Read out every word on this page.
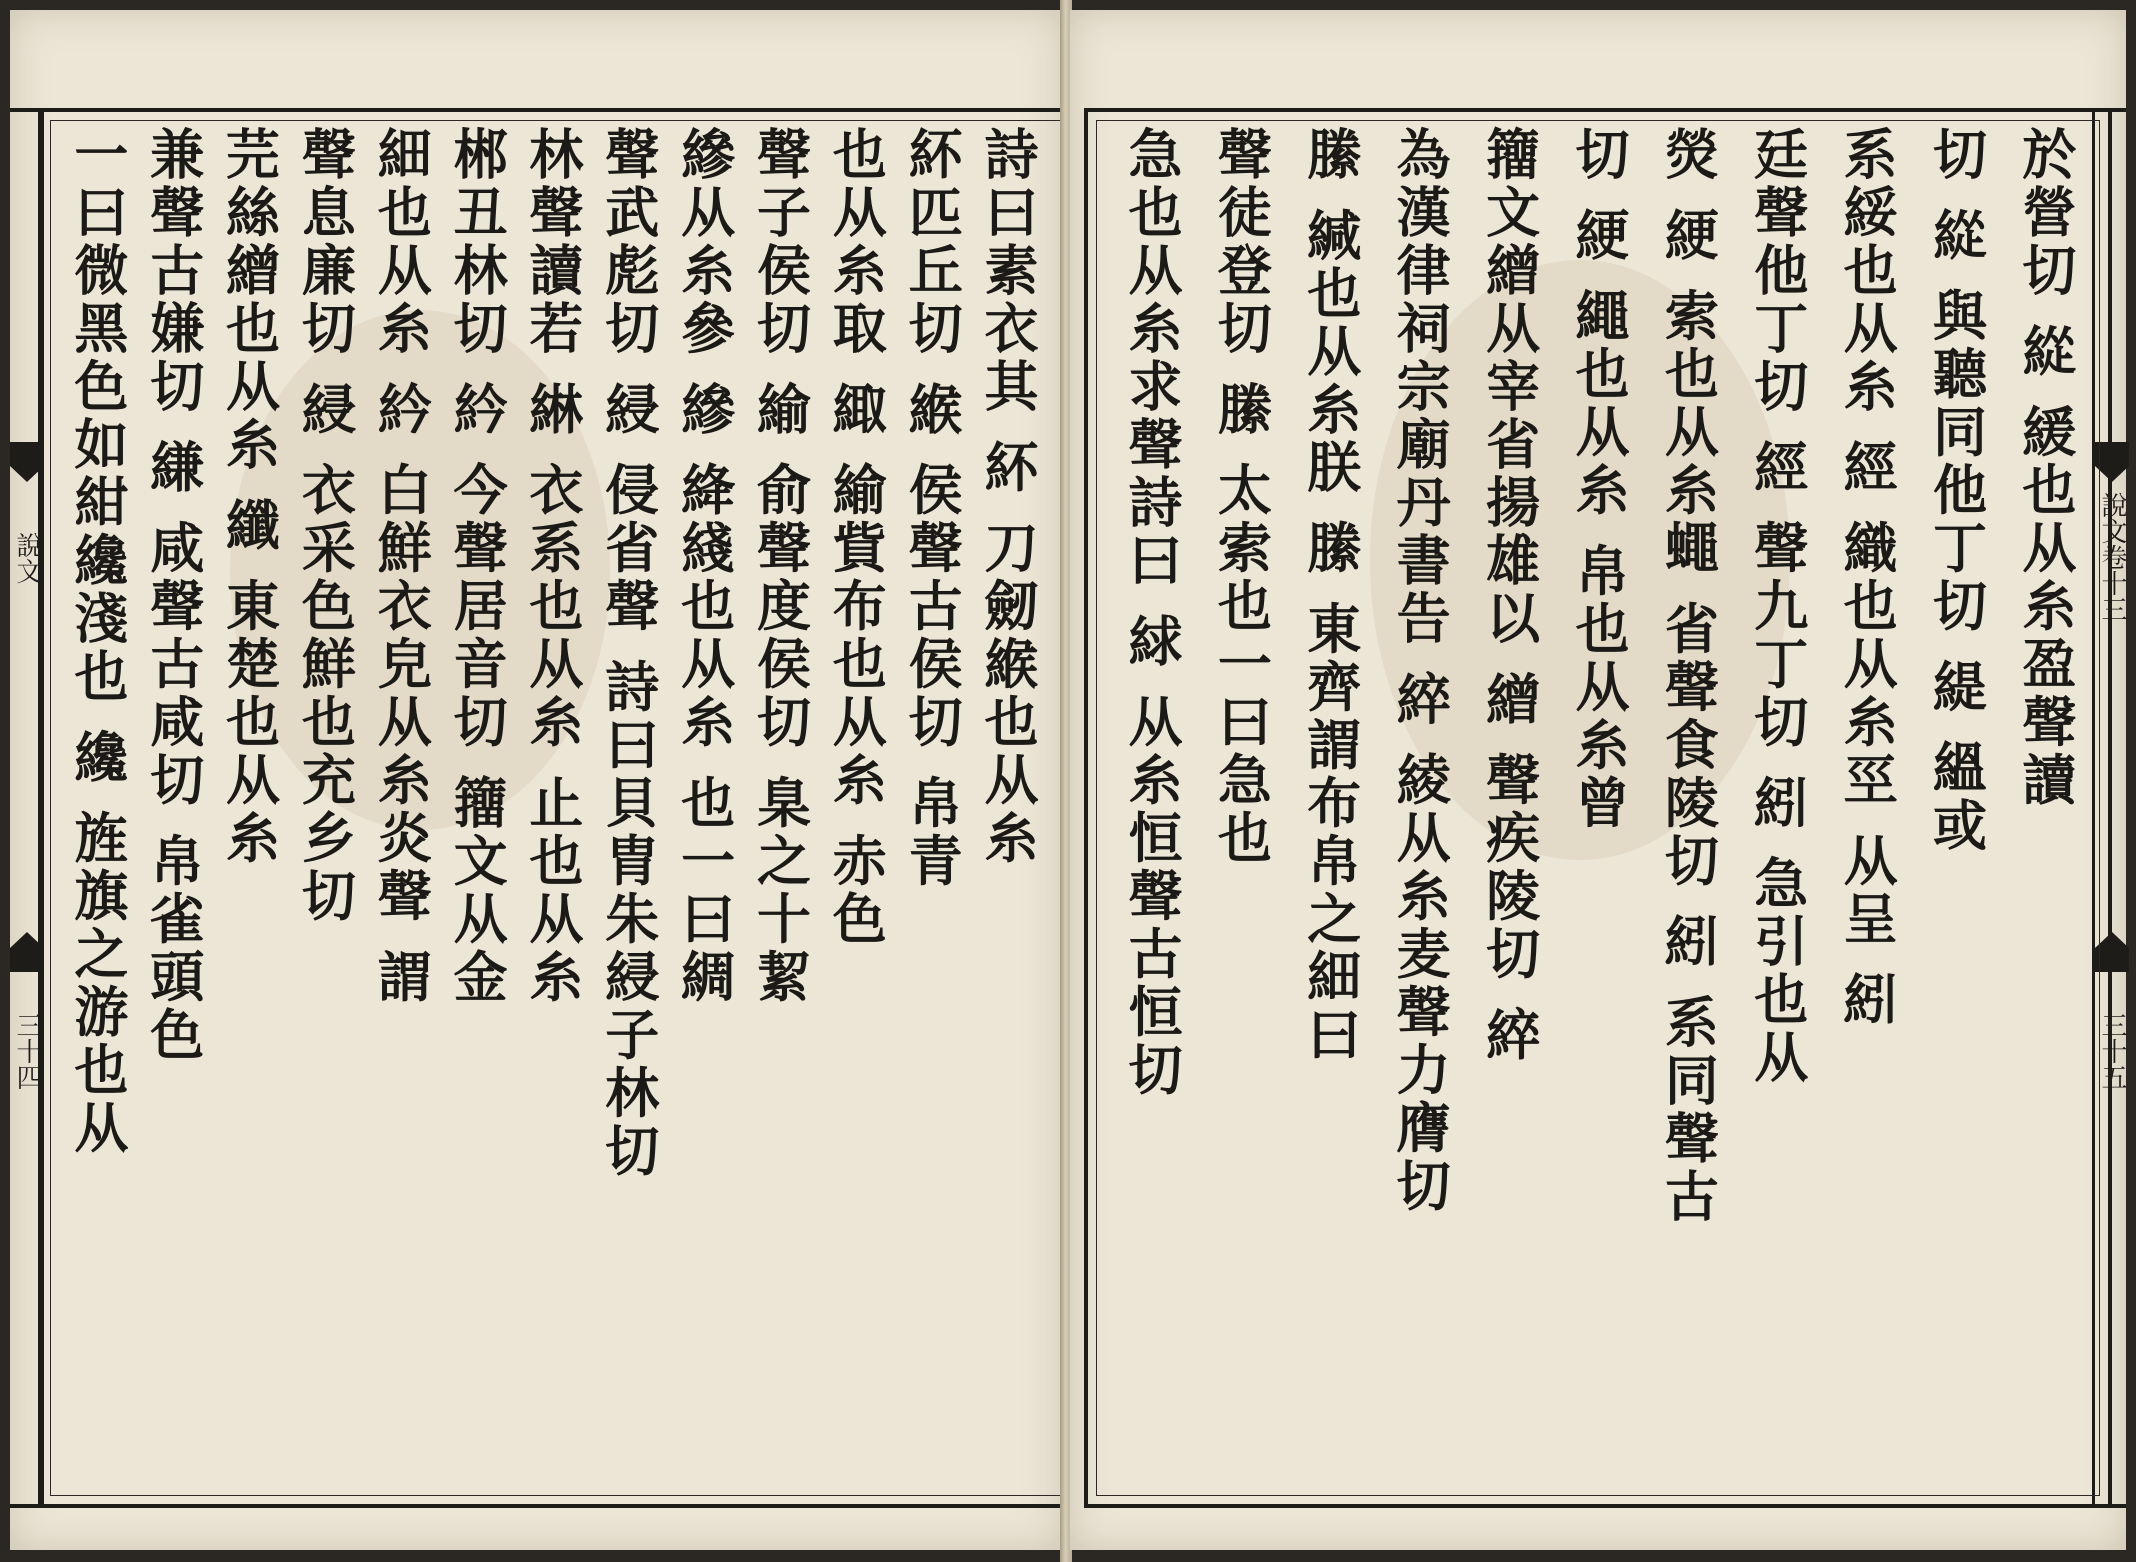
說文
三十四
詩曰素衣其 紑 刀劒緱也从糸
紑匹丘切 緱 侯聲古侯切 帛青
也从糸取 緅 緰貲布也从糸 赤色
聲子侯切 緰 俞聲度侯切 臬之十絜
縿从糸參 縿 絳綫也从糸 也一曰綢
聲武彪切 綅 侵省聲 詩曰貝胄朱綅子林切
林聲讀若 綝 衣系也从糸 止也从糸
郴丑林切 紟 今聲居音切 籒文从金
細也从糸 紟 白鮮衣皃从糸炎聲 謂
聲息廉切 綅 衣采色鮮也充乡切
芫絲繒也从糸 纖 東楚也从糸
兼聲古嫌切 縑 咸聲古咸切 帛雀頭色
一曰微黑色如紺纔淺也 纔 旌旗之游也从	說文卷十三
三十五
於營切 緃 緩也从糸盈聲讀
切 緃 與聽同他丁切 緹 縕或
系綏也从糸 經 織也从糸巠 从呈 紖
廷聲他丁切 經 聲九丁切 紖 急引也从
熒 綆 索也从糸蠅 省聲食陵切 紖 系同聲古
切 綆 繩也从糸 帛也从糸曾
籒文繒从宰省揚雄以 繒 聲疾陵切 綷
為漢律祠宗廟丹書告 綷 綾从糸麦聲力膺切
縢 緘也从糸朕 縢 東齊謂布帛之細曰
聲徒登切 縢 太索也一曰急也
急也从糸求聲詩曰 絿 从糸恒聲古恒切
